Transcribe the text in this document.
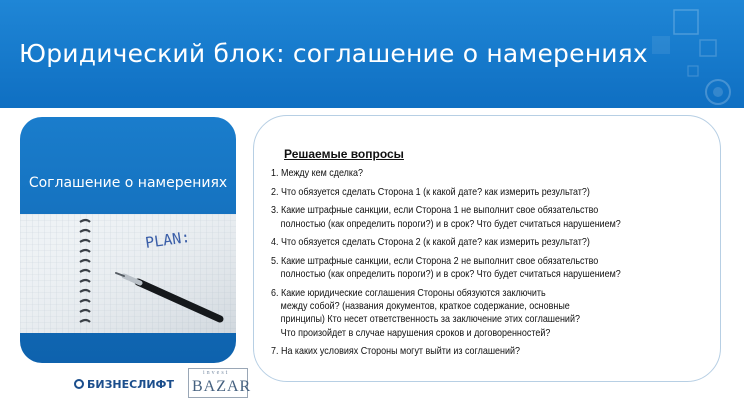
Юридический блок: соглашение о намерениях
Соглашение о намерениях
PLAN:
Решаемые вопросы
1. Между кем сделка?
2. Что обязуется сделать Сторона 1 (к какой дате? как измерить результат?)
3. Какие штрафные санкции, если Сторона 1 не выполнит свое обязательство
полностью (как определить пороги?) и в срок? Что будет считаться нарушением?
4. Что обязуется сделать Сторона 2 (к какой дате? как измерить результат?)
5. Какие штрафные санкции, если Сторона 2 не выполнит свое обязательство
полностью (как определить пороги?) и в срок? Что будет считаться нарушением?
6. Какие юридические соглашения Стороны обязуются заключить
между собой? (названия документов, краткое содержание, основные
принципы) Кто несет ответственность за заключение этих соглашений?
Что произойдет в случае нарушения сроков и договоренностей?
7. На каких условиях Стороны могут выйти из соглашений?
БИЗНЕСЛИФТ
invest
BAZAR
